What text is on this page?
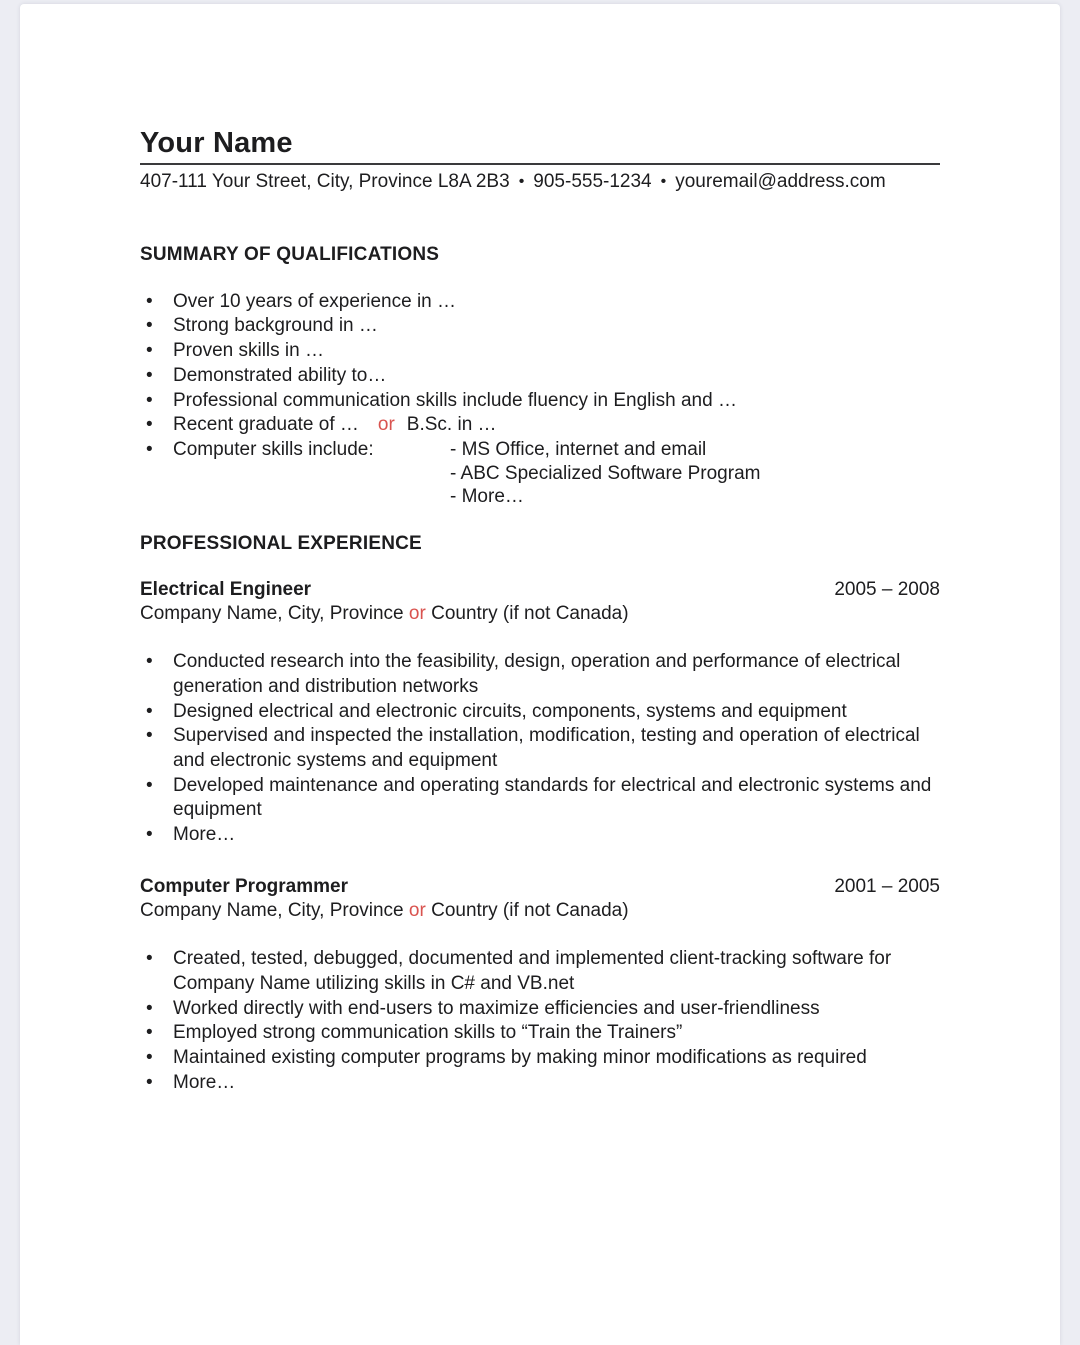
Your Name
407-111 Your Street, City, Province L8A 2B3 • 905-555-1234 • youremail@address.com
SUMMARY OF QUALIFICATIONS
• Over 10 years of experience in …
• Strong background in …
• Proven skills in …
• Demonstrated ability to…
• Professional communication skills include fluency in English and …
• Recent graduate of … or B.Sc. in …
• Computer skills include:	- MS Office, internet and email
- ABC Specialized Software Program
- More…
PROFESSIONAL EXPERIENCE
Electrical Engineer	2005 – 2008
Company Name, City, Province or Country (if not Canada)
• Conducted research into the feasibility, design, operation and performance of electrical generation and distribution networks
• Designed electrical and electronic circuits, components, systems and equipment
• Supervised and inspected the installation, modification, testing and operation of electrical and electronic systems and equipment
• Developed maintenance and operating standards for electrical and electronic systems and equipment
• More…
Computer Programmer	2001 – 2005
Company Name, City, Province or Country (if not Canada)
• Created, tested, debugged, documented and implemented client-tracking software for Company Name utilizing skills in C# and VB.net
• Worked directly with end-users to maximize efficiencies and user-friendliness
• Employed strong communication skills to “Train the Trainers”
• Maintained existing computer programs by making minor modifications as required
• More…
